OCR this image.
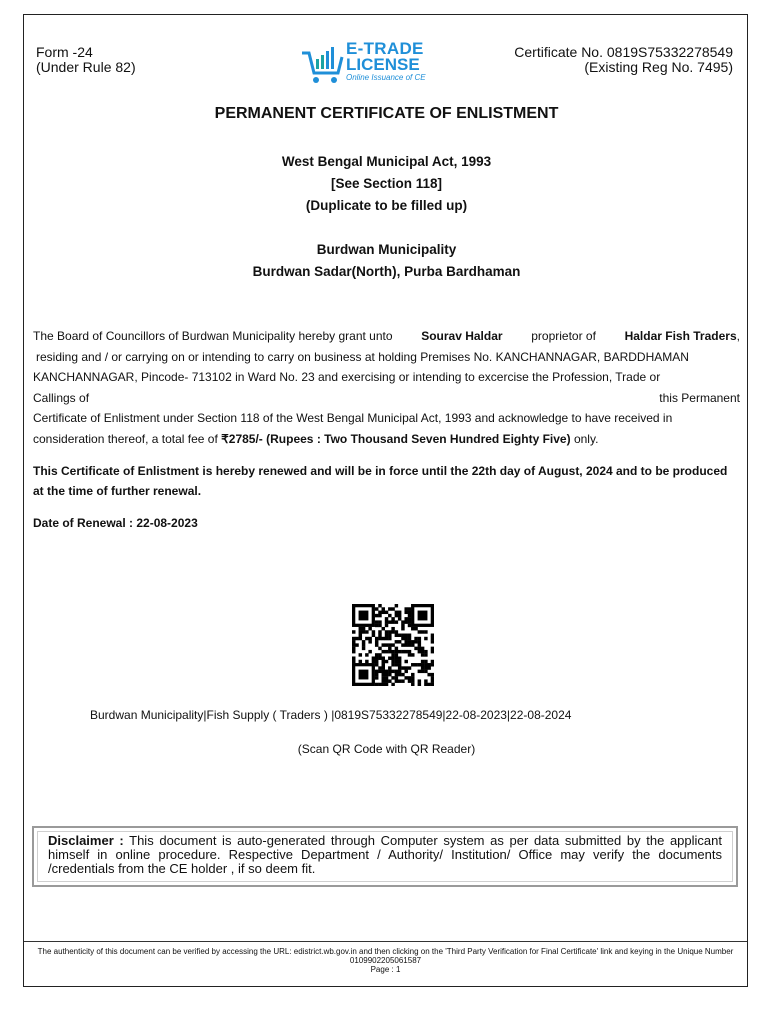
Form -24
(Under Rule 82)
E-TRADE
LICENSE
Online Issuance of CE
Certificate No. 0819S75332278549
(Existing Reg No. 7495)
PERMANENT CERTIFICATE OF ENLISTMENT
West Bengal Municipal Act, 1993
[See Section 118]
(Duplicate to be filled up)
Burdwan Municipality
Burdwan Sadar(North), Purba Bardhaman
The Board of Councillors of Burdwan Municipality hereby grant unto Sourav Haldar proprietor of Haldar Fish Traders,
residing and / or carrying on or intending to carry on business at holding Premises No. KANCHANNAGAR, BARDDHAMAN
KANCHANNAGAR, Pincode- 713102 in Ward No. 23 and exercising or intending to excercise the Profession, Trade or
Callings of	this Permanent
Certificate of Enlistment under Section 118 of the West Bengal Municipal Act, 1993 and acknowledge to have received in
consideration thereof, a total fee of ₹2785/- (Rupees : Two Thousand Seven Hundred Eighty Five) only.
This Certificate of Enlistment is hereby renewed and will be in force until the 22th day of August, 2024 and to be produced at the time of further renewal.
Date of Renewal : 22-08-2023
Burdwan Municipality|Fish Supply ( Traders ) |0819S75332278549|22-08-2023|22-08-2024
(Scan QR Code with QR Reader)
Disclaimer : This document is auto-generated through Computer system as per data submitted by the applicant himself in online procedure. Respective Department / Authority/ Institution/ Office may verify the documents /credentials from the CE holder , if so deem fit.
The authenticity of this document can be verified by accessing the URL: edistrict.wb.gov.in and then clicking on the 'Third Party Verification for Final Certificate' link and keying in the Unique Number 0109902205061587
Page : 1
